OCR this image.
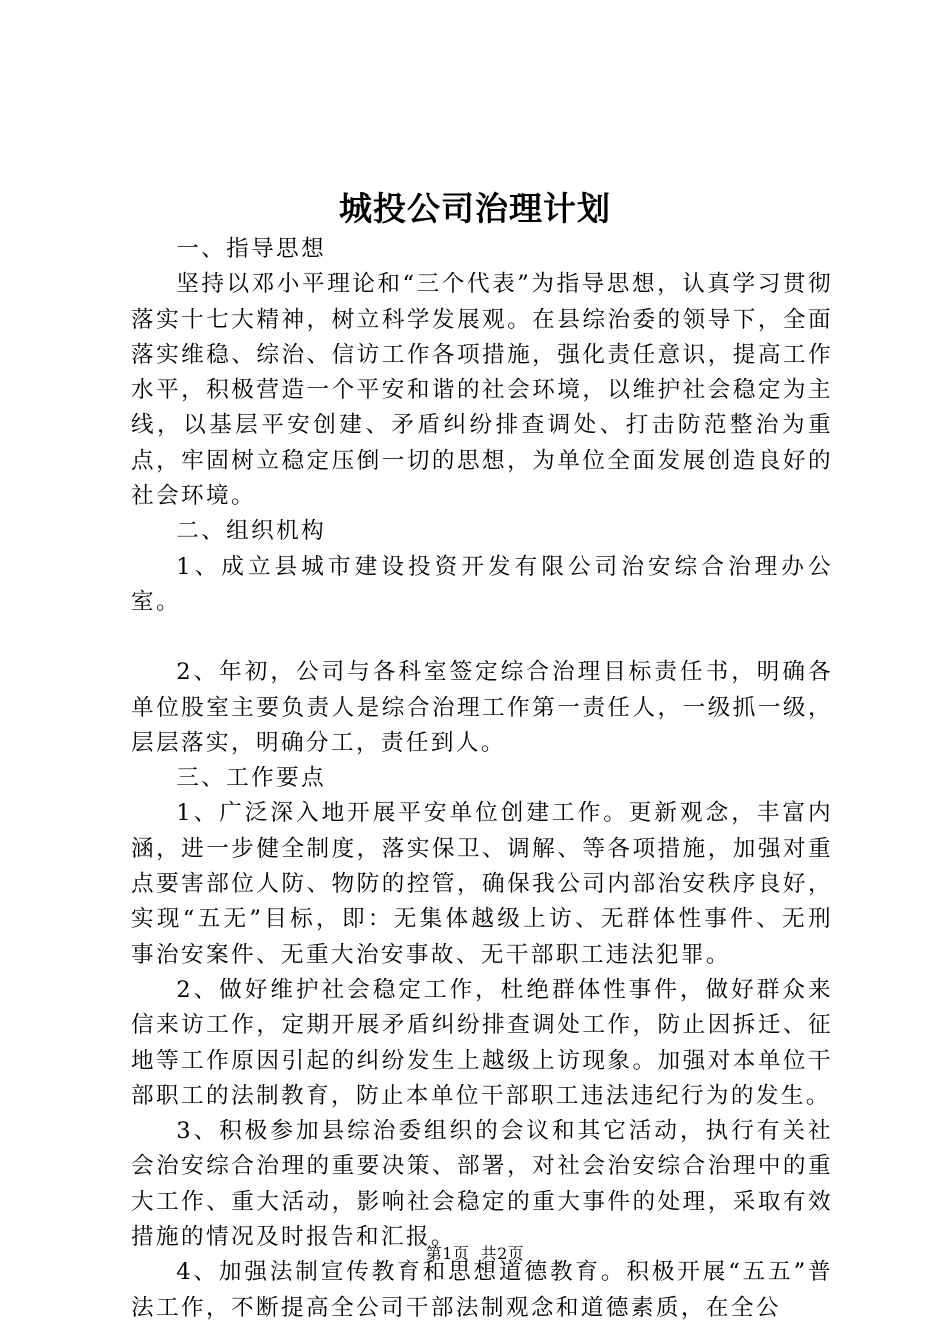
城投公司治理计划

一、指导思想

坚持以邓小平理论和“三个代表”为指导思想，认真学习贯彻落实十七大精神，树立科学发展观。在县综治委的领导下，全面落实维稳、综治、信访工作各项措施，强化责任意识，提高工作水平，积极营造一个平安和谐的社会环境，以维护社会稳定为主线，以基层平安创建、矛盾纠纷排查调处、打击防范整治为重点，牢固树立稳定压倒一切的思想，为单位全面发展创造良好的社会环境。

二、组织机构

1、成立县城市建设投资开发有限公司治安综合治理办公室。

2、年初，公司与各科室签定综合治理目标责任书，明确各单位股室主要负责人是综合治理工作第一责任人，一级抓一级，层层落实，明确分工，责任到人。

三、工作要点

1、广泛深入地开展平安单位创建工作。更新观念，丰富内涵，进一步健全制度，落实保卫、调解、等各项措施，加强对重点要害部位人防、物防的控管，确保我公司内部治安秩序良好，实现“五无”目标，即：无集体越级上访、无群体性事件、无刑事治安案件、无重大治安事故、无干部职工违法犯罪。

2、做好维护社会稳定工作，杜绝群体性事件，做好群众来信来访工作，定期开展矛盾纠纷排查调处工作，防止因拆迁、征地等工作原因引起的纠纷发生上越级上访现象。加强对本单位干部职工的法制教育，防止本单位干部职工违法违纪行为的发生。

3、积极参加县综治委组织的会议和其它活动，执行有关社会治安综合治理的重要决策、部署，对社会治安综合治理中的重大工作、重大活动，影响社会稳定的重大事件的处理，采取有效措施的情况及时报告和汇报。

4、加强法制宣传教育和思想道德教育。积极开展“五五”普法工作，不断提高全公司干部法制观念和道德素质，在全公

第1页 共2页
